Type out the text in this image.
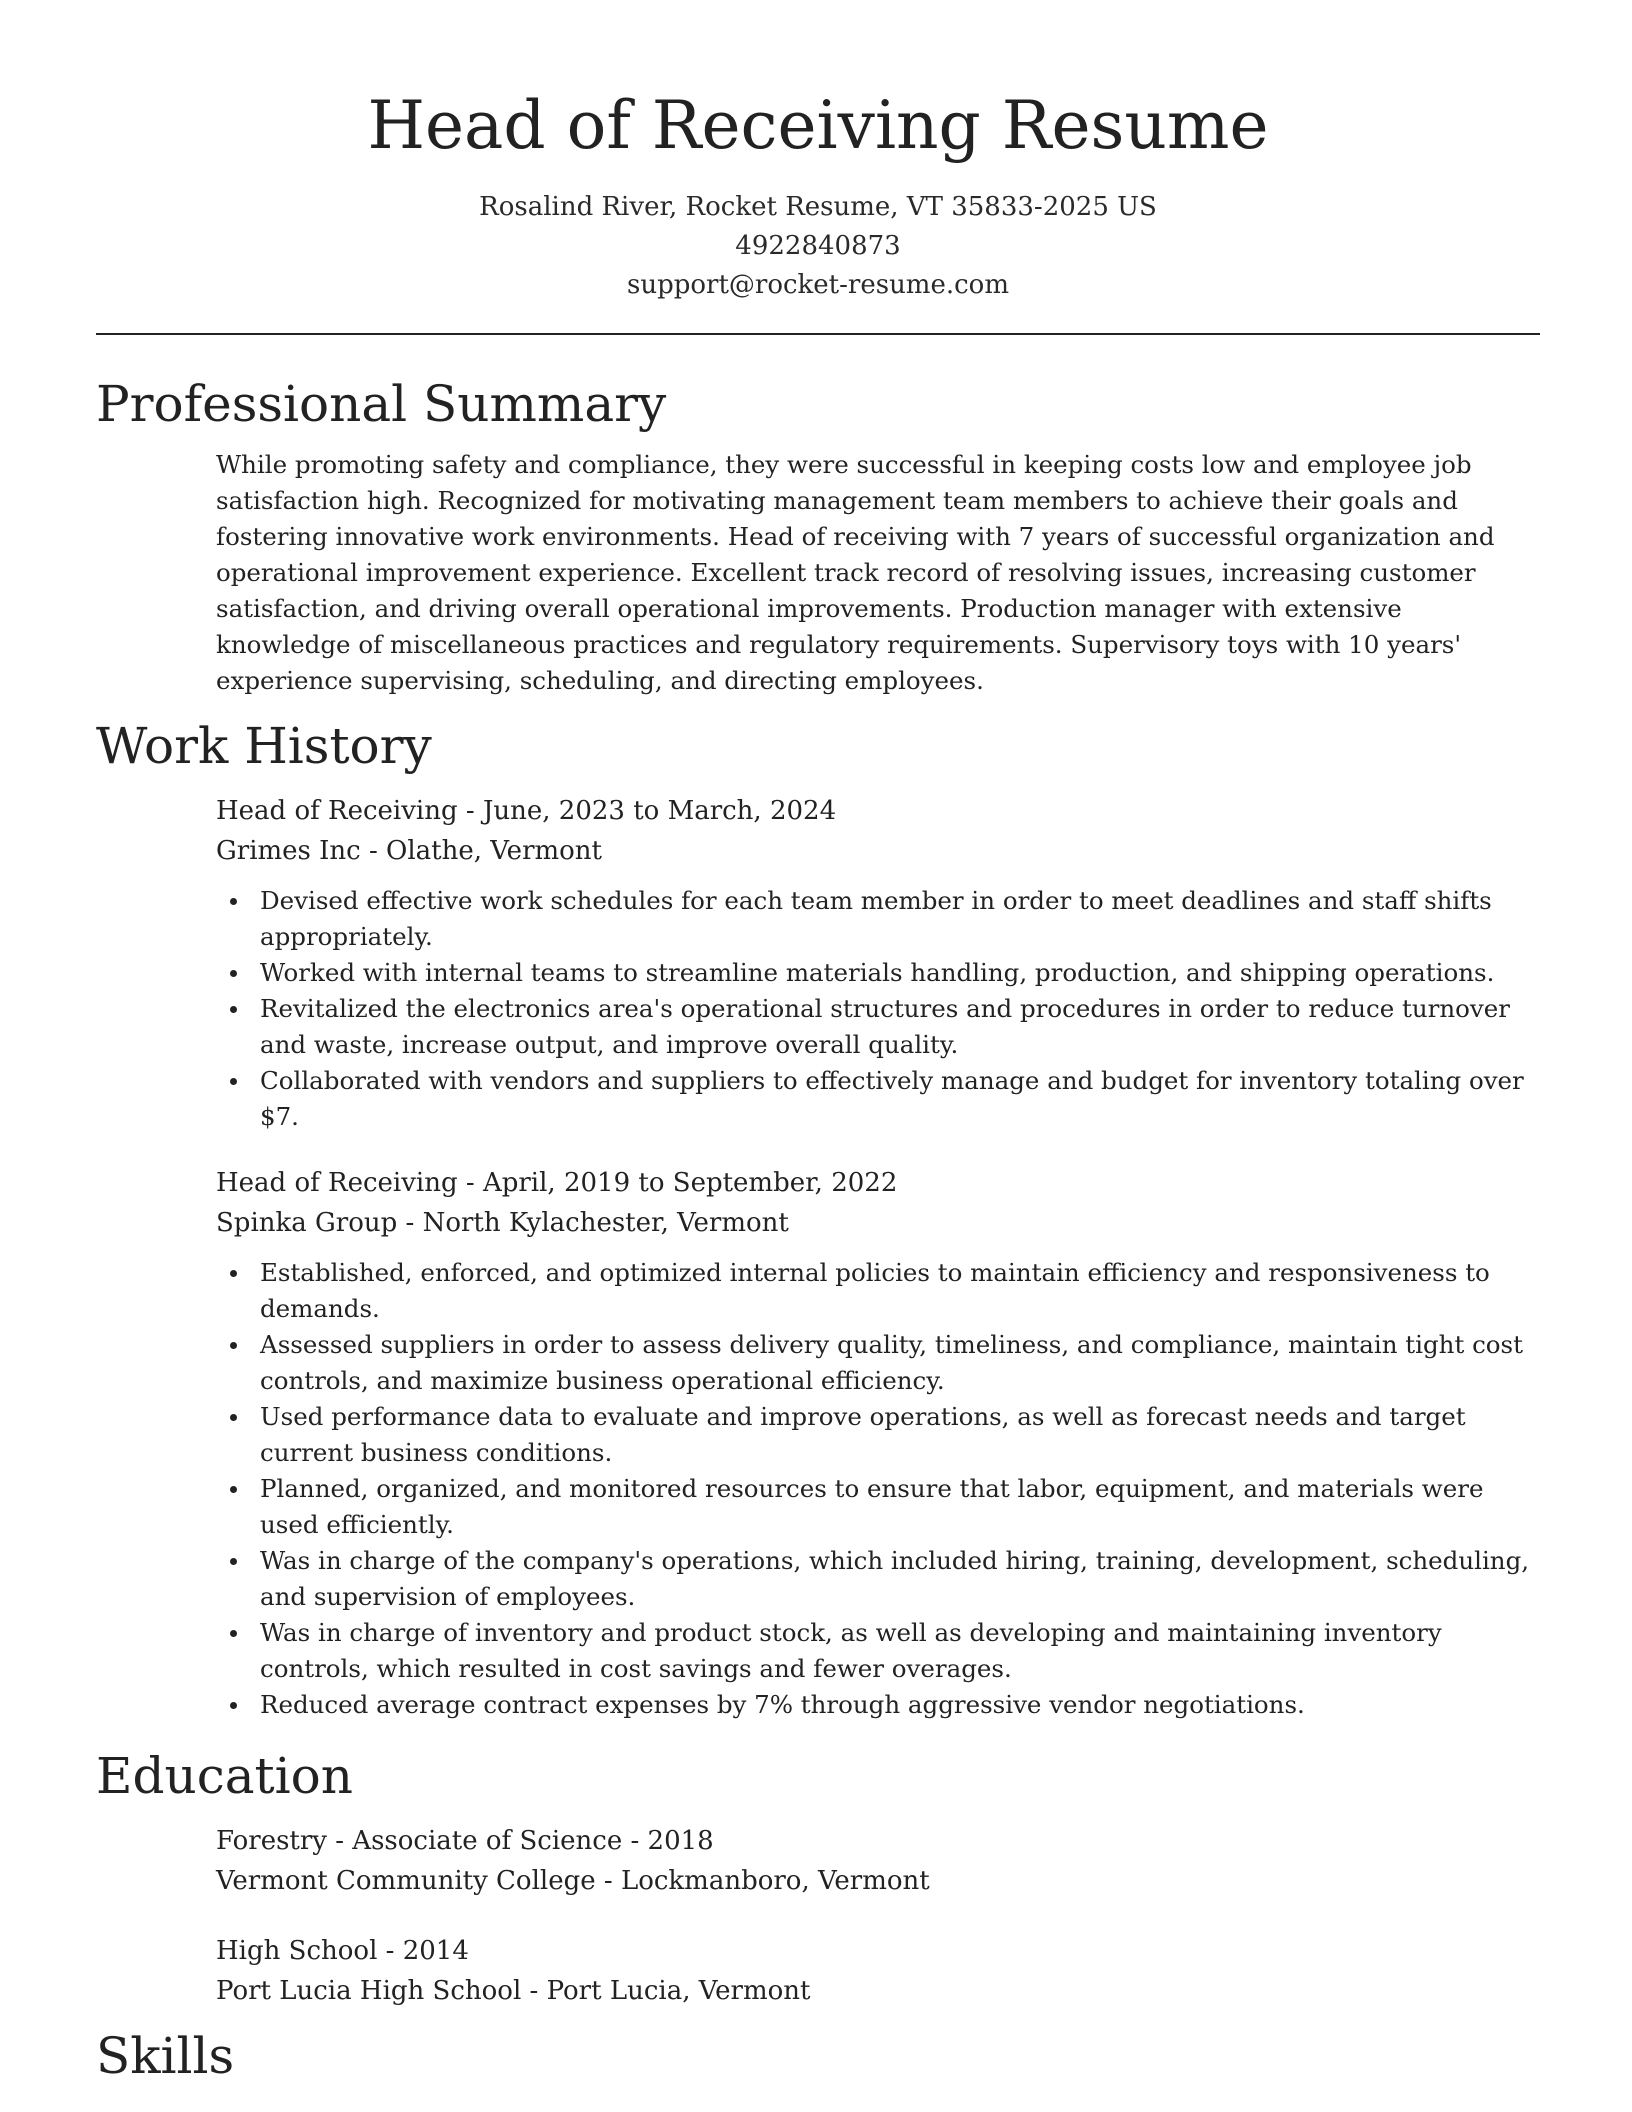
Head of Receiving Resume
Rosalind River, Rocket Resume, VT 35833-2025 US
4922840873
support@rocket-resume.com
Professional Summary
While promoting safety and compliance, they were successful in keeping costs low and employee job satisfaction high. Recognized for motivating management team members to achieve their goals and fostering innovative work environments. Head of receiving with 7 years of successful organization and operational improvement experience. Excellent track record of resolving issues, increasing customer satisfaction, and driving overall operational improvements. Production manager with extensive knowledge of miscellaneous practices and regulatory requirements. Supervisory toys with 10 years' experience supervising, scheduling, and directing employees.
Work History
Head of Receiving - June, 2023 to March, 2024
Grimes Inc - Olathe, Vermont
Devised effective work schedules for each team member in order to meet deadlines and staff shifts appropriately.
Worked with internal teams to streamline materials handling, production, and shipping operations.
Revitalized the electronics area's operational structures and procedures in order to reduce turnover and waste, increase output, and improve overall quality.
Collaborated with vendors and suppliers to effectively manage and budget for inventory totaling over $7.
Head of Receiving - April, 2019 to September, 2022
Spinka Group - North Kylachester, Vermont
Established, enforced, and optimized internal policies to maintain efficiency and responsiveness to demands.
Assessed suppliers in order to assess delivery quality, timeliness, and compliance, maintain tight cost controls, and maximize business operational efficiency.
Used performance data to evaluate and improve operations, as well as forecast needs and target current business conditions.
Planned, organized, and monitored resources to ensure that labor, equipment, and materials were used efficiently.
Was in charge of the company's operations, which included hiring, training, development, scheduling, and supervision of employees.
Was in charge of inventory and product stock, as well as developing and maintaining inventory controls, which resulted in cost savings and fewer overages.
Reduced average contract expenses by 7% through aggressive vendor negotiations.
Education
Forestry - Associate of Science - 2018
Vermont Community College - Lockmanboro, Vermont
High School - 2014
Port Lucia High School - Port Lucia, Vermont
Skills
